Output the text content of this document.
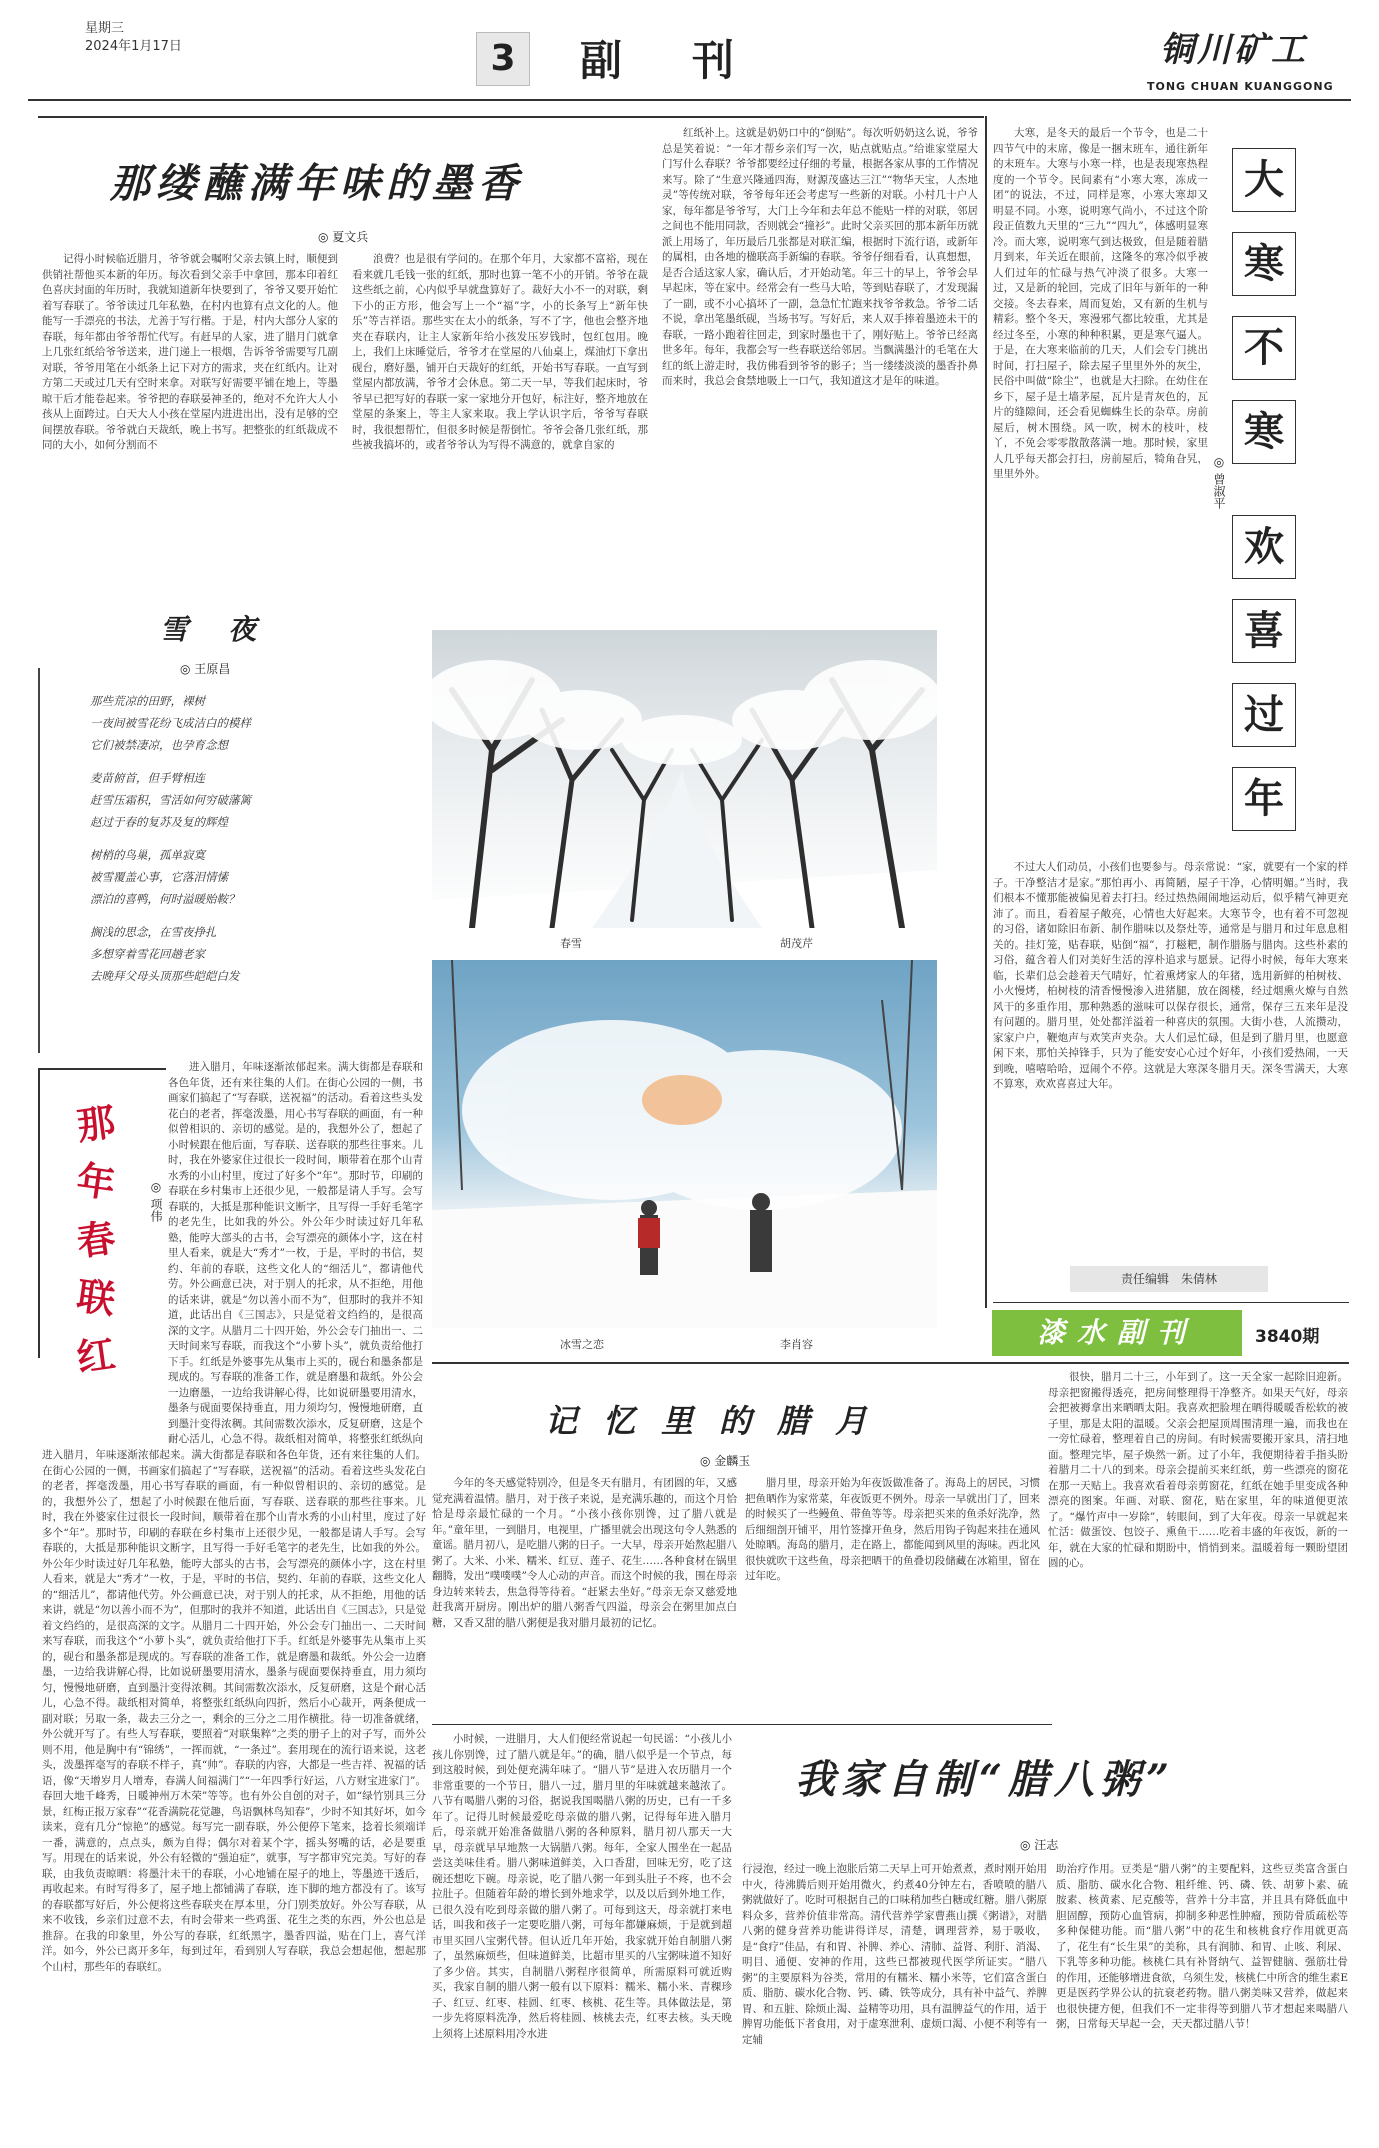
星期三
2024年1月17日	3	副刊	铜川矿工
TONG CHUAN KUANGGONG
那缕蘸满年味的墨香
◎ 夏文兵

记得小时候临近腊月，爷爷就会嘱咐父亲去镇上时，顺便到供销社帮他买本新的年历。每次看到父亲手中拿回，那本印着红色喜庆封面的年历时，我就知道新年快要到了，爷爷又要开始忙着写春联了。爷爷读过几年私塾，在村内也算有点文化的人。他能写一手漂亮的书法，尤善于写行楷。于是，村内大部分人家的春联，每年都由爷爷帮忙代写。有赶早的人家，进了腊月门就拿上几张红纸给爷爷送来，进门递上一根烟，告诉爷爷需要写几副对联，爷爷用笔在小纸条上记下对方的需求，夹在红纸内。让对方第二天或过几天有空时来拿。对联写好需要平铺在地上，等墨晾干后才能卷起来。爷爷把的春联晏神圣的，绝对不允许大人小孩从上面跨过。白天大人小孩在堂屋内进进出出，没有足够的空间摆放春联。爷爷就白天裁纸，晚上书写。把整张的红纸裁成不同的大小，如何分割而不

浪费？也是很有学问的。在那个年月，大家都不富裕，现在看来就几毛钱一张的红纸，那时也算一笔不小的开销。爷爷在裁这些纸之前，心内似乎早就盘算好了。裁好大小不一的对联，剩下小的正方形，他会写上一个“福”字，小的长条写上“新年快乐”等吉祥语。那些实在太小的纸条，写不了字，他也会整齐地夹在春联内，让主人家新年给小孩发压岁钱时，包红包用。晚上，我们上床睡觉后，爷爷才在堂屋的八仙桌上，煤油灯下拿出砚台，磨好墨，铺开白天裁好的红纸，开始书写春联。一直写到堂屋内都放满，爷爷才会休息。第二天一早，等我们起床时，爷爷早已把写好的春联一家一家地分开包好，标注好，整齐地放在堂屋的条案上，等主人家来取。我上学认识字后，爷爷写春联时，我很想帮忙，但很多时候是帮倒忙。爷爷会备几张红纸，那些被我搞坏的，或者爷爷认为写得不满意的，就拿自家的

红纸补上。这就是奶奶口中的“倒贴”。每次听奶奶这么说，爷爷总是笑着说：“一年才帮乡亲们写一次，贴点就贴点。”给谁家堂屋大门写什么春联？爷爷都要经过仔细的考量，根据各家从事的工作情况来写。除了“生意兴隆通四海，财源茂盛达三江”“物华天宝，人杰地灵”等传统对联，爷爷每年还会考虑写一些新的对联。小村几十户人家，每年都是爷爷写，大门上今年和去年总不能贴一样的对联，邻居之间也不能用同款，否则就会“撞衫”。此时父亲买回的那本新年历就派上用场了，年历最后几张都是对联汇编，根据时下流行语，或新年的属相，由各地的楹联高手新编的春联。爷爷仔细看看，认真想想，是否合适这家人家，确认后，才开始动笔。年三十的早上，爷爷会早早起床，等在家中。经常会有一些马大哈，等到贴春联了，才发现漏了一副，或不小心搞坏了一副，急急忙忙跑来找爷爷救急。爷爷二话不说，拿出笔墨纸砚，当场书写。写好后，来人双手捧着墨迹未干的春联，一路小跑着往回走，到家时墨也干了，刚好贴上。爷爷已经离世多年。每年，我都会写一些春联送给邻居。当飘满墨汁的毛笔在大红的纸上游走时，我仿佛看到爷爷的影子；当一缕缕淡淡的墨香扑鼻而来时，我总会食禁地吸上一口气，我知道这才是年的味道。

雪　夜
◎ 王原昌
那些荒凉的田野，裸树
一夜间被雪花纷飞成洁白的模样
它们被禁凄凉，也孕育念想
麦苗俯首，但手臂相连
赶雪压霜积，雪活如何穷破藩篱
赵过于春的复苏及复的辉煌
树梢的鸟巢，孤单寂寞
被雪覆盖心事，它落泪情愫
漂泊的喜鸭，何时溢暖贻鞍？
搁浅的思念，在雪夜挣扎
多想穿着雪花回趟老家
去晚拜父母头顶那些皑皑白发
春雪	胡茂芹
冰雪之恋	李肖容
那
年
春
联
红
◎ 项伟

进入腊月，年味逐渐浓郁起来。满大街都是春联和各色年货，还有来往集的人们。在街心公园的一侧，书画家们搞起了“写春联，送祝福”的活动。看着这些头发花白的老者，挥毫泼墨，用心书写春联的画面，有一种似曾相识的、亲切的感觉。是的，我想外公了，想起了小时候跟在他后面，写春联、送春联的那些往事来。儿时，我在外婆家住过很长一段时间，顺带着在那个山青水秀的小山村里，度过了好多个“年”。那时节，印刷的春联在乡村集市上还很少见，一般都是请人手写。会写春联的，大抵是那种能识文断字，且写得一手好毛笔字的老先生，比如我的外公。外公年少时读过好几年私塾，能哼大部头的古书，会写漂亮的颜体小字，这在村里人看来，就是大“秀才”一枚，于是，平时的书信，契约、年前的春联，这些文化人的“细活儿”，都请他代劳。外公画意已决，对于别人的托求，从不拒绝，用他的话来讲，就是“勿以善小而不为”，但那时的我并不知道，此话出自《三国志》，只是觉着文绉绉的，是很高深的文字。从腊月二十四开始，外公会专门抽出一、二天时间来写春联，而我这个“小萝卜头”，就负责给他打下手。红纸是外婆事先从集市上买的，砚台和墨条都是现成的。写春联的准备工作，就是磨墨和裁纸。外公会一边磨墨，一边给我讲解心得，比如说研墨要用清水，墨条与砚面要保持垂直，用力须均匀，慢慢地研磨，直到墨汁变得浓稠。其间需数次添水，反复研磨，这是个耐心活儿，心急不得。裁纸相对简单，将整张红纸纵向

进入腊月，年味逐渐浓郁起来。满大街都是春联和各色年货，还有来往集的人们。在街心公园的一侧，书画家们搞起了“写春联，送祝福”的活动。看着这些头发花白的老者，挥毫泼墨，用心书写春联的画面，有一种似曾相识的、亲切的感觉。是的，我想外公了，想起了小时候跟在他后面，写春联、送春联的那些往事来。儿时，我在外婆家住过很长一段时间，顺带着在那个山青水秀的小山村里，度过了好多个“年”。那时节，印刷的春联在乡村集市上还很少见，一般都是请人手写。会写春联的，大抵是那种能识文断字，且写得一手好毛笔字的老先生，比如我的外公。外公年少时读过好几年私塾，能哼大部头的古书，会写漂亮的颜体小字，这在村里人看来，就是大“秀才”一枚，于是，平时的书信，契约、年前的春联，这些文化人的“细活儿”，都请他代劳。外公画意已决，对于别人的托求，从不拒绝，用他的话来讲，就是“勿以善小而不为”，但那时的我并不知道，此话出自《三国志》，只是觉着文绉绉的，是很高深的文字。从腊月二十四开始，外公会专门抽出一、二天时间来写春联，而我这个“小萝卜头”，就负责给他打下手。红纸是外婆事先从集市上买的，砚台和墨条都是现成的。写春联的准备工作，就是磨墨和裁纸。外公会一边磨墨，一边给我讲解心得，比如说研墨要用清水，墨条与砚面要保持垂直，用力须均匀，慢慢地研磨，直到墨汁变得浓稠。其间需数次添水，反复研磨，这是个耐心活儿，心急不得。裁纸相对简单，将整张红纸纵向四折，然后小心裁开，两条便成一副对联；另取一条，裁去三分之一，剩余的三分之二用作横批。待一切准备就绪，外公就开写了。有些人写春联，要照着“对联集粹”之类的册子上的对子写，而外公则不用，他是胸中有“锦绣”，一挥而就，“一条过”。套用现在的流行语来说，这老头，泼墨挥毫写的春联不样子，真“帅”。春联的内容，大都是一些吉祥、祝福的话语，像“天增岁月人增寿，春满人间福满门”“一年四季行好运，八方财宝进家门”。春回大地千峰秀，日暖神州万木荣”等等。也有外公自创的对子，如“绿竹别具三分景，红梅正报万家春”“花香满院花觉趣，鸟语飘林鸟知春”，少时不知其好坏，如今读来，竟有几分“惊艳”的感觉。每写完一副春联，外公便停下笔来，捻着长须端详一番，满意的，点点头，颇为自得；偶尔对着某个字，摇头努嘴的话，必是要重写。用现在的话来说，外公有轻微的“强迫症”，就事，写字都审究完美。写好的春联，由我负责晾晒：将墨汁未干的春联，小心地铺在屋子的地上，等墨迹干透后，再收起来。有时写得多了，屋子地上都铺满了春联，连下脚的地方都没有了。该写的春联都写好后，外公便将这些春联夹在厚本里，分门别类放好。外公写春联，从来不收钱，乡亲们过意不去，有时会带来一些鸡蛋、花生之类的东西，外公也总是推辞。在我的印象里，外公写的春联，红纸黑字，墨香四溢，贴在门上，喜气洋洋。如今，外公已离开多年，每到过年，看到别人写春联，我总会想起他，想起那个山村，那些年的春联红。

大
寒
不
寒
欢
喜
过
年
◎ 曾淑平

大寒，是冬天的最后一个节令，也是二十四节气中的末席，像是一捆末班车，通往新年的末班车。大寒与小寒一样，也是表现寒热程度的一个节令。民间素有“小寒大寒，冻成一团”的说法，不过，同样是寒，小寒大寒却又明显不同。小寒，说明寒气尚小，不过这个阶段正值数九天里的“三九”“四九”，体感明显寒冷。而大寒，说明寒气到达极致，但是随着腊月到来，年关近在眼前，这隆冬的寒冷似乎被人们过年的忙碌与热气冲淡了很多。大寒一过，又是新的轮回，完成了旧年与新年的一种交接。冬去春来，周而复始，又有新的生机与精彩。整个冬天，寒漫邪气都比较重，尤其是经过冬至，小寒的种种积累，更是寒气逼人。于是，在大寒来临前的几天，人们会专门挑出时间，打扫屋子，除去屋子里里外外的灰尘，民俗中叫做“除尘”，也就是大扫除。在幼住在乡下，屋子是土墙茅屋，瓦片是青灰色的，瓦片的缝隙间，还会看见蜘蛛生长的杂草。房前屋后，树木围绕。风一吹，树木的枝叶，枝丫，不免会零零散散落满一地。那时候，家里人几乎每天都会打扫，房前屋后，犄角旮旯，里里外外。

不过大人们动员，小孩们也要参与。母亲常说：“家，就要有一个家的样子。干净整洁才是家。”那怕再小、再简陋，屋子干净，心情明媚。”当时，我们根本不懂那能被偏见着去打扫。经过热热闹闹地运动后，似乎精气神更充沛了。而且，看着屋子敞亮，心情也大好起来。大寒节令，也有着不可忽视的习俗，诸如除旧布新、制作腊味以及祭灶等，通常是与腊月和过年息息相关的。挂灯笼，贴春联，贴倒“福”，打糍粑，制作腊肠与腊肉。这些朴素的习俗，蕴含着人们对美好生活的淳朴追求与愿景。记得小时候，每年大寒来临，长辈们总会趁着天气晴好，忙着熏烤家人的年猪，选用新鲜的柏树枝、小火慢烤，柏树枝的清香慢慢渗入进猪腿，放在阁楼，经过烟熏火燎与自然风干的多重作用，那种熟悉的滋味可以保存很长，通常，保存三五来年是没有问题的。腊月里，处处都洋溢着一种喜庆的氛围。大街小巷，人流攒动，家家户户，鞭炮声与欢笑声夹杂。大人们忌忙碌，但是到了腊月里，也愿意闲下来，那怕关掉锋手，只为了能安安心心过个好年，小孩们爱热闹，一天到晚，嘻嘻哈哈，逗闹个不停。这就是大寒深冬腊月天。深冬雪满天，大寒不算寒，欢欢喜喜过大年。

责任编辑　朱倩林
漆水副刊	3840期
记忆里的腊月
◎ 金麟玉

今年的冬天感觉特别冷，但是冬天有腊月，有团圆的年，又感觉充满着温情。腊月，对于孩子来说，是充满乐趣的，而这个月恰恰是母亲最忙碌的一个月。“小孩小孩你别馋，过了腊八就是年。”童年里，一到腊月，电视里，广播里就会出现这句令人熟悉的童谣。腊月初八，是吃腊八粥的日子。一大早，母亲开始熬起腊八粥了。大米、小米、糯米、红豆、莲子、花生……各种食材在锅里翻腾，发出“噗噗噗”令人心动的声音。而这个时候的我，围在母亲身边转来转去，焦急得等待着。“赶紧去坐好。”母亲无奈又慈爱地赶我离开厨房。刚出炉的腊八粥香气四溢，母亲会在粥里加点白糖，又香又甜的腊八粥便是我对腊月最初的记忆。

腊月里，母亲开始为年夜饭做准备了。海岛上的居民，习惯把鱼晒作为家常菜，年夜饭更不例外。母亲一早就出门了，回来的时候买了一些鳗鱼、带鱼等等。母亲把买来的鱼杀好洗净，然后细细剖开铺平，用竹签撑开鱼身，然后用钩子钩起来挂在通风处晾晒。海岛的腊月，走在路上，都能闻到风里的海味。西北风很快就吹干这些鱼，母亲把晒干的鱼叠切段储藏在冰箱里，留在过年吃。

很快，腊月二十三，小年到了。这一天全家一起除旧迎新。母亲把窗搬得透亮，把房间整理得干净整齐。如果天气好，母亲会把被褥拿出来晒晒太阳。我喜欢把脸埋在晒得暖暖香松软的被子里，那是太阳的温暖。父亲会把屋顶周围清理一遍，而我也在一旁忙碌着，整理着自己的房间。有时候需要搬开家具，清扫地面。整理完毕，屋子焕然一新。过了小年，我便期待着手指头盼着腊月二十八的到来。母亲会提前买来红纸，剪一些漂亮的窗花在那一天贴上。我喜欢看着母亲剪窗花，红纸在她手里变成各种漂亮的图案。年画、对联、窗花，贴在家里，年的味道便更浓了。“爆竹声中一岁除”，转眼间，到了大年夜。母亲一早就起来忙活：做蛋饺、包饺子、熏鱼干……吃着丰盛的年夜饭，新的一年，就在大家的忙碌和期盼中，悄悄到来。温暖着每一颗盼望团圆的心。

我家自制“腊八粥”
◎ 汪志

小时候，一进腊月，大人们便经常说起一句民谣：“小孩儿小孩儿你别馋，过了腊八就是年。”的确，腊八似乎是一个节点，每到这般时候，到处便充满年味了。“腊八节”是进入农历腊月一个非常重要的一个节日，腊八一过，腊月里的年味就越来越浓了。八节有喝腊八粥的习俗，据说我国喝腊八粥的历史，已有一千多年了。记得儿时候最爱吃母亲做的腊八粥，记得每年进入腊月后，母亲就开始准备做腊八粥的各种原料，腊月初八那天一大早，母亲就早早地熬一大锅腊八粥。每年，全家人围坐在一起品尝这美味佳肴。腊八粥味道鲜美，入口香甜，回味无穷，吃了这碗还想吃下碗。母亲说，吃了腊八粥一年到头肚子不疼，也不会拉肚子。但随着年龄的增长到外地求学，以及以后到外地工作，已很久没有吃到母亲做的腊八粥了。可每到这天，母亲就打来电话，叫我和孩子一定要吃腊八粥，可每年都嫌麻烦，于是就到超市里买回八宝粥代替。但认近几年开始，我家就开始自制腊八粥了，虽然麻烦些，但味道鲜美，比超市里买的八宝粥味道不知好了多少倍。其实，自制腊八粥程序很简单，所需原料可就近购买，我家自制的腊八粥一般有以下原料：糯米、糯小米、青稞珍子、红豆、红枣、桂圆、红枣、核桃、花生等。具体做法是，第一步先将原料洗净，然后将桂圆、核桃去壳，红枣去核。头天晚上须将上述原料用冷水进

行浸泡，经过一晚上泡胀后第二天早上可开始煮煮，煮时刚开始用中火，待沸腾后则开始用微火，约煮40分钟左右，香喷喷的腊八粥就做好了。吃时可根据自己的口味稍加些白糖或红糖。腊八粥原料众多，营养价值非常高。清代营养学家曹燕山撰《粥谱》，对腊八粥的健身营养功能讲得详尽，清楚，调理营养，易于吸收，是“食疗”佳品，有和胃、补脾、养心、清肺、益肾、利肝、消渴、明目、通便、安神的作用，这些已都被现代医学所证实。“腊八粥”的主要原料为谷类，常用的有糯米、糯小米等，它们富含蛋白质、脂肪、碳水化合物、钙、磷、铁等成分，具有补中益气、养脾胃、和五脏、除烦止渴、益精等功用，具有温脾益气的作用，适于脾胃功能低下者食用，对于虚寒泄利、虚烦口渴、小便不利等有一定辅

助治疗作用。豆类是“腊八粥”的主要配料，这些豆类富含蛋白质、脂肪、碳水化合物、粗纤维、钙、磷、铁、胡萝卜素、硫胺素、核黄素、尼克酸等，营养十分丰富，并且具有降低血中胆固醇，预防心血管病，抑制多种恶性肿瘤，预防骨质疏松等多种保健功能。而“腊八粥”中的花生和核桃食疗作用就更高了，花生有“长生果”的美称，具有润肺、和胃、止咳、利尿、下乳等多种功能。核桃仁具有补肾纳气、益智健脑、强筋壮骨的作用，还能够增进食欲，乌须生发，核桃仁中所含的维生素E更是医药学界公认的抗衰老药物。腊八粥美味又营养，做起来也很快捷方便，但我们不一定非得等到腊八节才想起来喝腊八粥，日常每天早起一会，天天都过腊八节！
